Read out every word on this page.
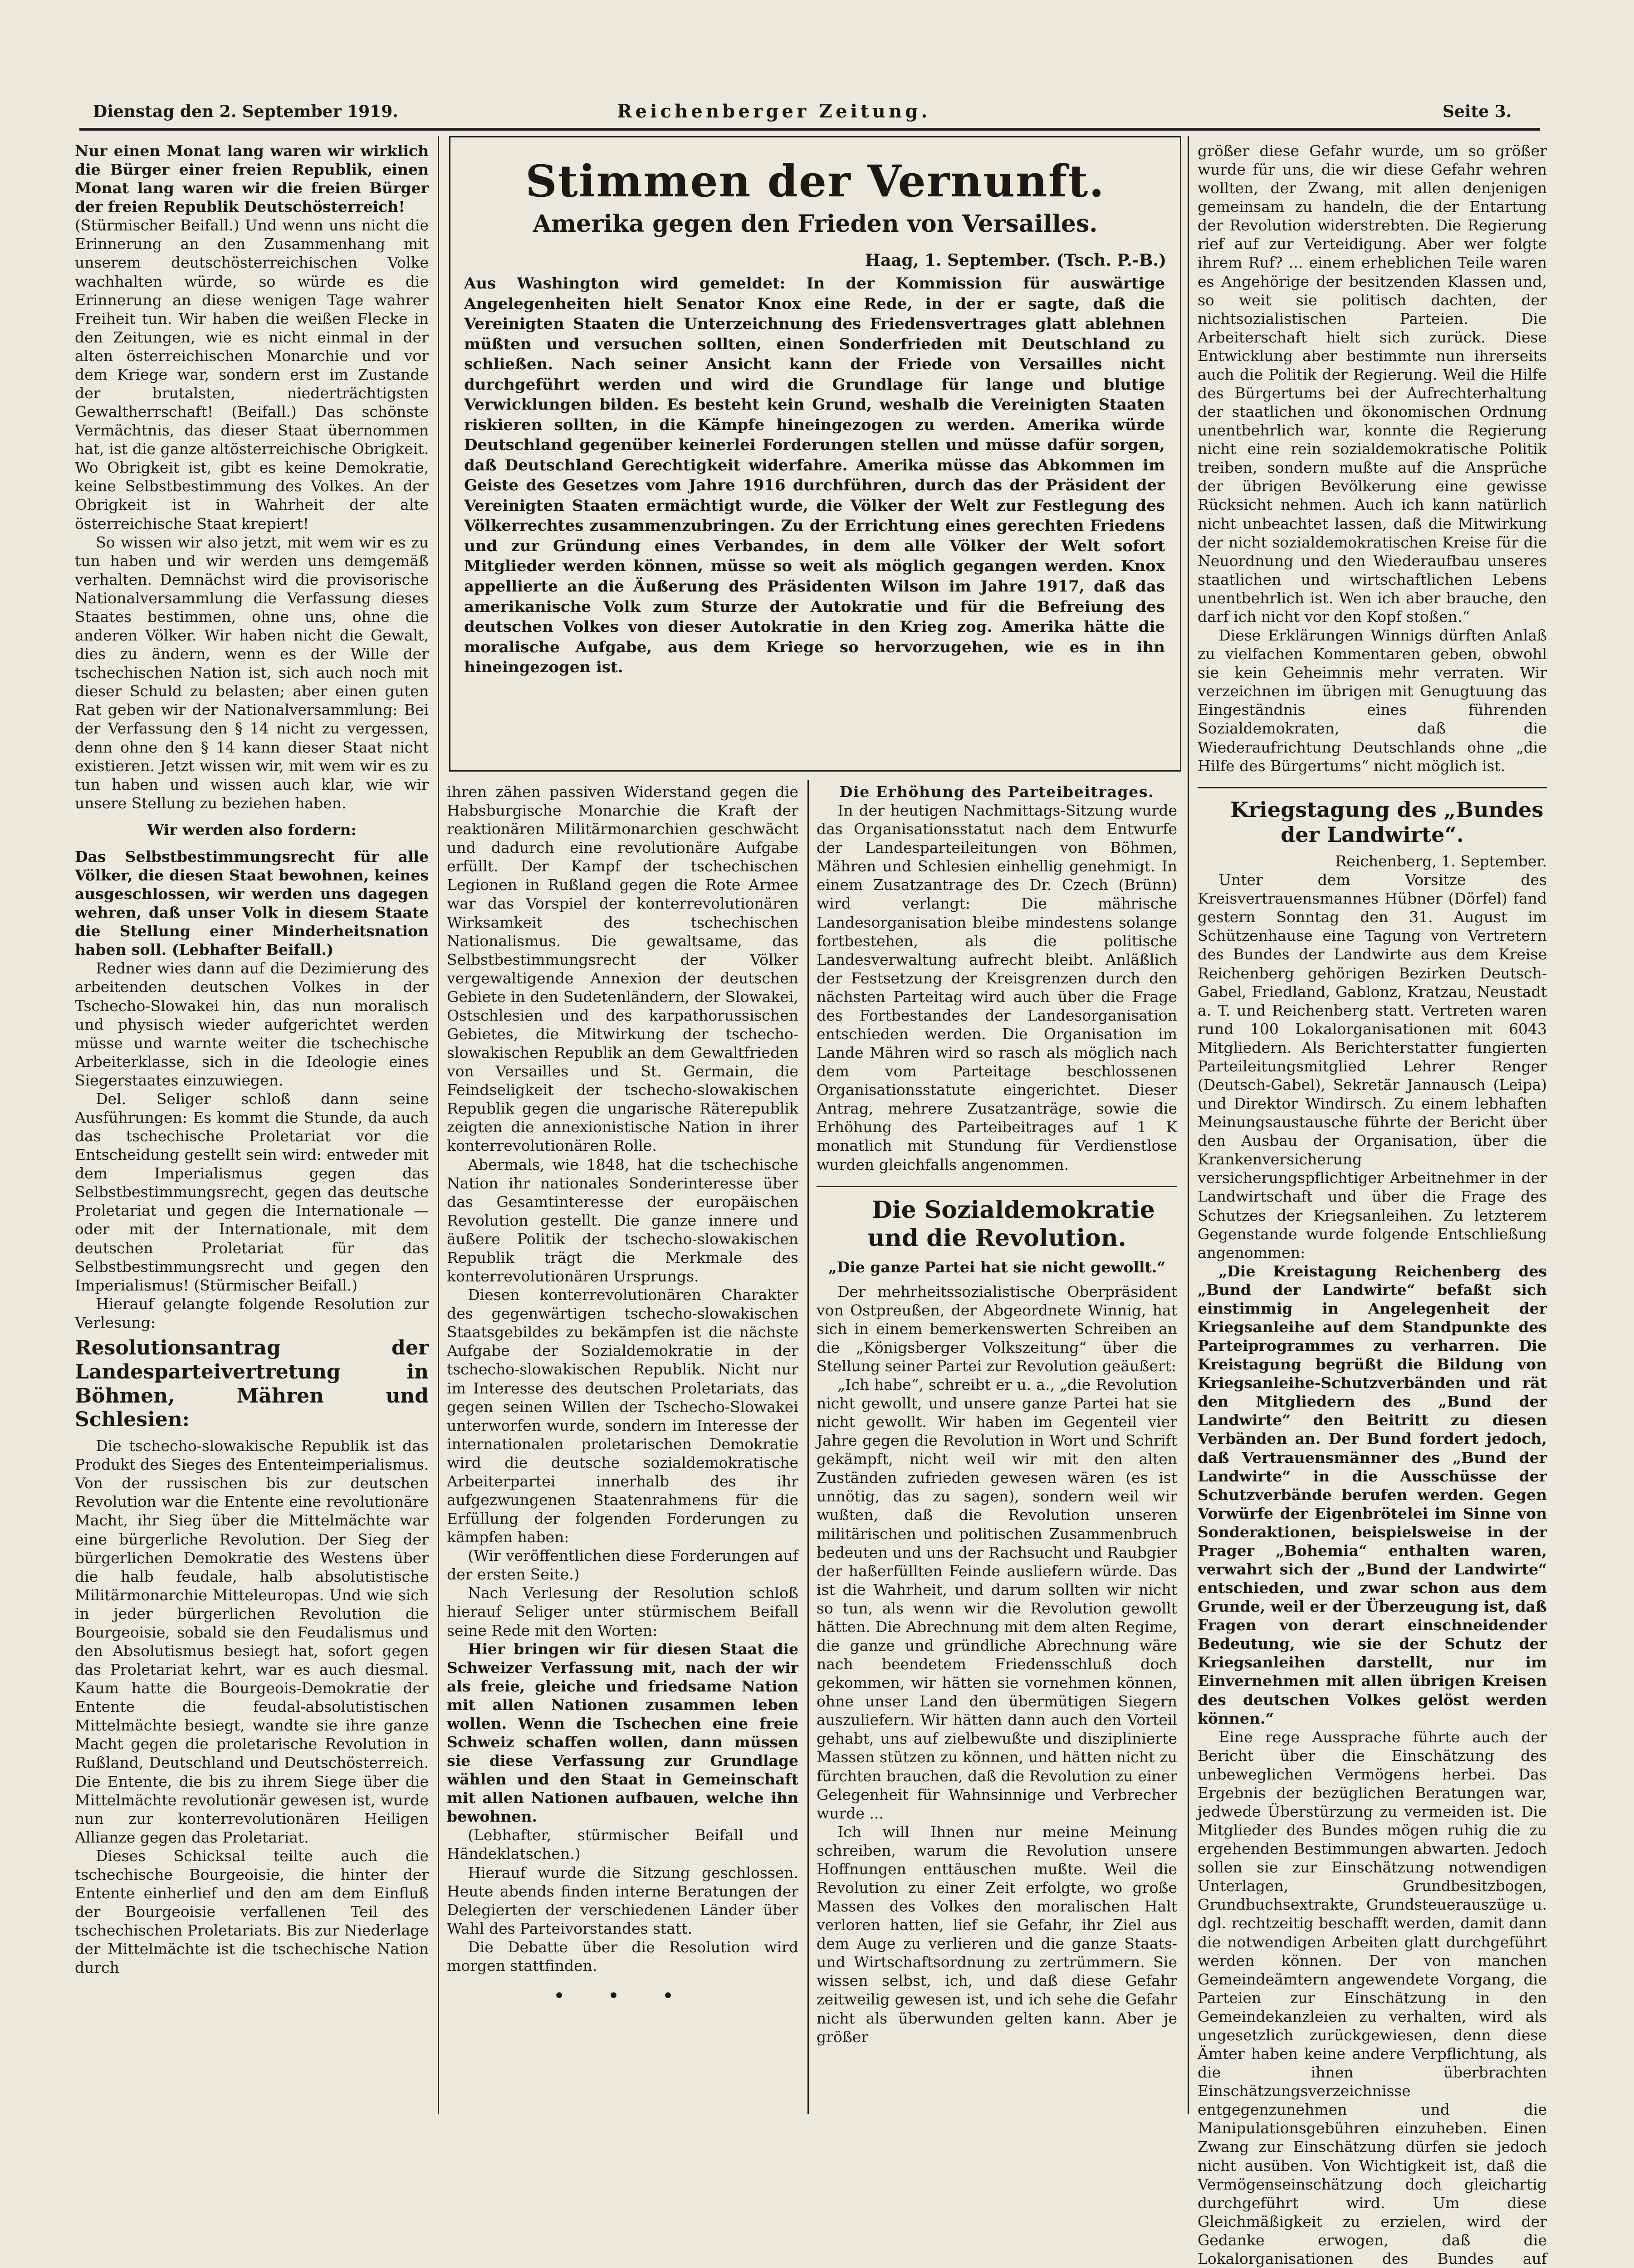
Dienstag den 2. September 1919.	Reichenberger Zeitung.	Seite 3.

Nur einen Monat lang waren wir wirklich die Bürger einer freien Republik, einen Monat lang waren wir die freien Bürger der freien Republik Deutschösterreich!

(Stürmischer Beifall.) Und wenn uns nicht die Erinnerung an den Zusammenhang mit unserem deutschösterreichischen Volke wachhalten würde, so würde es die Erinnerung an diese wenigen Tage wahrer Freiheit tun. Wir haben die weißen Flecke in den Zeitungen, wie es nicht einmal in der alten österreichischen Monarchie und vor dem Kriege war, sondern erst im Zustande der brutalsten, niederträchtigsten Gewaltherrschaft! (Beifall.) Das schönste Vermächtnis, das dieser Staat übernommen hat, ist die ganze altösterreichische Obrigkeit. Wo Obrigkeit ist, gibt es keine Demokratie, keine Selbstbestimmung des Volkes. An der Obrigkeit ist in Wahrheit der alte österreichische Staat krepiert!

So wissen wir also jetzt, mit wem wir es zu tun haben und wir werden uns demgemäß verhalten. Demnächst wird die provisorische Nationalversammlung die Verfassung dieses Staates bestimmen, ohne uns, ohne die anderen Völker. Wir haben nicht die Gewalt, dies zu ändern, wenn es der Wille der tschechischen Nation ist, sich auch noch mit dieser Schuld zu belasten; aber einen guten Rat geben wir der Nationalversammlung: Bei der Verfassung den § 14 nicht zu vergessen, denn ohne den § 14 kann dieser Staat nicht existieren. Jetzt wissen wir, mit wem wir es zu tun haben und wissen auch klar, wie wir unsere Stellung zu beziehen haben.

Wir werden also fordern:

Das Selbstbestimmungsrecht für alle Völker, die diesen Staat bewohnen, keines ausgeschlossen, wir werden uns dagegen wehren, daß unser Volk in diesem Staate die Stellung einer Minderheitsnation haben soll. (Lebhafter Beifall.)

Redner wies dann auf die Dezimierung des arbeitenden deutschen Volkes in der Tschecho-Slowakei hin, das nun moralisch und physisch wieder aufgerichtet werden müsse und warnte weiter die tschechische Arbeiterklasse, sich in die Ideologie eines Siegerstaates einzuwiegen.

Del. Seliger schloß dann seine Ausführungen: Es kommt die Stunde, da auch das tschechische Proletariat vor die Entscheidung gestellt sein wird: entweder mit dem Imperialismus gegen das Selbstbestimmungsrecht, gegen das deutsche Proletariat und gegen die Internationale — oder mit der Internationale, mit dem deutschen Proletariat für das Selbstbestimmungsrecht und gegen den Imperialismus! (Stürmischer Beifall.)

Hierauf gelangte folgende Resolution zur Verlesung:

Resolutionsantrag der Landesparteivertretung in Böhmen, Mähren und Schlesien:

Die tschecho-slowakische Republik ist das Produkt des Sieges des Ententeimperialismus. Von der russischen bis zur deutschen Revolution war die Entente eine revolutionäre Macht, ihr Sieg über die Mittelmächte war eine bürgerliche Revolution. Der Sieg der bürgerlichen Demokratie des Westens über die halb feudale, halb absolutistische Militärmonarchie Mitteleuropas. Und wie sich in jeder bürgerlichen Revolution die Bourgeoisie, sobald sie den Feudalismus und den Absolutismus besiegt hat, sofort gegen das Proletariat kehrt, war es auch diesmal. Kaum hatte die Bourgeois-Demokratie der Entente die feudal-absolutistischen Mittelmächte besiegt, wandte sie ihre ganze Macht gegen die proletarische Revolution in Rußland, Deutschland und Deutschösterreich. Die Entente, die bis zu ihrem Siege über die Mittelmächte revolutionär gewesen ist, wurde nun zur konterrevolutionären Heiligen Allianze gegen das Proletariat.

Dieses Schicksal teilte auch die tschechische Bourgeoisie, die hinter der Entente einherlief und den am dem Einfluß der Bourgeoisie verfallenen Teil des tschechischen Proletariats. Bis zur Niederlage der Mittelmächte ist die tschechische Nation durch

Stimmen der Vernunft.
Amerika gegen den Frieden von Versailles.
Haag, 1. September. (Tsch. P.-B.)
Aus Washington wird gemeldet: In der Kommission für auswärtige Angelegenheiten hielt Senator Knox eine Rede, in der er sagte, daß die Vereinigten Staaten die Unterzeichnung des Friedensvertrages glatt ablehnen müßten und versuchen sollten, einen Sonderfrieden mit Deutschland zu schließen. Nach seiner Ansicht kann der Friede von Versailles nicht durchgeführt werden und wird die Grundlage für lange und blutige Verwicklungen bilden. Es besteht kein Grund, weshalb die Vereinigten Staaten riskieren sollten, in die Kämpfe hineingezogen zu werden. Amerika würde Deutschland gegenüber keinerlei Forderungen stellen und müsse dafür sorgen, daß Deutschland Gerechtigkeit widerfahre. Amerika müsse das Abkommen im Geiste des Gesetzes vom Jahre 1916 durchführen, durch das der Präsident der Vereinigten Staaten ermächtigt wurde, die Völker der Welt zur Festlegung des Völkerrechtes zusammenzubringen. Zu der Errichtung eines gerechten Friedens und zur Gründung eines Verbandes, in dem alle Völker der Welt sofort Mitglieder werden können, müsse so weit als möglich gegangen werden. Knox appellierte an die Äußerung des Präsidenten Wilson im Jahre 1917, daß das amerikanische Volk zum Sturze der Autokratie und für die Befreiung des deutschen Volkes von dieser Autokratie in den Krieg zog. Amerika hätte die moralische Aufgabe, aus dem Kriege so hervorzugehen, wie es in ihn hineingezogen ist.

ihren zähen passiven Widerstand gegen die Habsburgische Monarchie die Kraft der reaktionären Militärmonarchien geschwächt und dadurch eine revolutionäre Aufgabe erfüllt. Der Kampf der tschechischen Legionen in Rußland gegen die Rote Armee war das Vorspiel der konterrevolutionären Wirksamkeit des tschechischen Nationalismus. Die gewaltsame, das Selbstbestimmungsrecht der Völker vergewaltigende Annexion der deutschen Gebiete in den Sudetenländern, der Slowakei, Ostschlesien und des karpathorussischen Gebietes, die Mitwirkung der tschecho-slowakischen Republik an dem Gewaltfrieden von Versailles und St. Germain, die Feindseligkeit der tschecho-slowakischen Republik gegen die ungarische Räterepublik zeigten die annexionistische Nation in ihrer konterrevolutionären Rolle.

Abermals, wie 1848, hat die tschechische Nation ihr nationales Sonderinteresse über das Gesamtinteresse der europäischen Revolution gestellt. Die ganze innere und äußere Politik der tschecho-slowakischen Republik trägt die Merkmale des konterrevolutionären Ursprungs.

Diesen konterrevolutionären Charakter des gegenwärtigen tschecho-slowakischen Staatsgebildes zu bekämpfen ist die nächste Aufgabe der Sozialdemokratie in der tschecho-slowakischen Republik. Nicht nur im Interesse des deutschen Proletariats, das gegen seinen Willen der Tschecho-Slowakei unterworfen wurde, sondern im Interesse der internationalen proletarischen Demokratie wird die deutsche sozialdemokratische Arbeiterpartei innerhalb des ihr aufgezwungenen Staatenrahmens für die Erfüllung der folgenden Forderungen zu kämpfen haben:

(Wir veröffentlichen diese Forderungen auf der ersten Seite.)

Nach Verlesung der Resolution schloß hierauf Seliger unter stürmischem Beifall seine Rede mit den Worten:

Hier bringen wir für diesen Staat die Schweizer Verfassung mit, nach der wir als freie, gleiche und friedsame Nation mit allen Nationen zusammen leben wollen. Wenn die Tschechen eine freie Schweiz schaffen wollen, dann müssen sie diese Verfassung zur Grundlage wählen und den Staat in Gemeinschaft mit allen Nationen aufbauen, welche ihn bewohnen.

(Lebhafter, stürmischer Beifall und Händeklatschen.)

Hierauf wurde die Sitzung geschlossen. Heute abends finden interne Beratungen der Delegierten der verschiedenen Länder über Wahl des Parteivorstandes statt.

Die Debatte über die Resolution wird morgen stattfinden.

• • •

Die Erhöhung des Parteibeitrages.

In der heutigen Nachmittags-Sitzung wurde das Organisationsstatut nach dem Entwurfe der Landesparteileitungen von Böhmen, Mähren und Schlesien einhellig genehmigt. In einem Zusatzantrage des Dr. Czech (Brünn) wird verlangt: Die mährische Landesorganisation bleibe mindestens solange fortbestehen, als die politische Landesverwaltung aufrecht bleibt. Anläßlich der Festsetzung der Kreisgrenzen durch den nächsten Parteitag wird auch über die Frage des Fortbestandes der Landesorganisation entschieden werden. Die Organisation im Lande Mähren wird so rasch als möglich nach dem vom Parteitage beschlossenen Organisationsstatute eingerichtet. Dieser Antrag, mehrere Zusatzanträge, sowie die Erhöhung des Parteibeitrages auf 1 K monatlich mit Stundung für Verdienstlose wurden gleichfalls angenommen.

Die Sozialdemokratie und die Revolution.

„Die ganze Partei hat sie nicht gewollt.“

Der mehrheitssozialistische Oberpräsident von Ostpreußen, der Abgeordnete Winnig, hat sich in einem bemerkenswerten Schreiben an die „Königsberger Volkszeitung“ über die Stellung seiner Partei zur Revolution geäußert:

„Ich habe“, schreibt er u. a., „die Revolution nicht gewollt, und unsere ganze Partei hat sie nicht gewollt. Wir haben im Gegenteil vier Jahre gegen die Revolution in Wort und Schrift gekämpft, nicht weil wir mit den alten Zuständen zufrieden gewesen wären (es ist unnötig, das zu sagen), sondern weil wir wußten, daß die Revolution unseren militärischen und politischen Zusammenbruch bedeuten und uns der Rachsucht und Raubgier der haßerfüllten Feinde ausliefern würde. Das ist die Wahrheit, und darum sollten wir nicht so tun, als wenn wir die Revolution gewollt hätten. Die Abrechnung mit dem alten Regime, die ganze und gründliche Abrechnung wäre nach beendetem Friedensschluß doch gekommen, wir hätten sie vornehmen können, ohne unser Land den übermütigen Siegern auszuliefern. Wir hätten dann auch den Vorteil gehabt, uns auf zielbewußte und disziplinierte Massen stützen zu können, und hätten nicht zu fürchten brauchen, daß die Revolution zu einer Gelegenheit für Wahnsinnige und Verbrecher wurde ...

Ich will Ihnen nur meine Meinung schreiben, warum die Revolution unsere Hoffnungen enttäuschen mußte. Weil die Revolution zu einer Zeit erfolgte, wo große Massen des Volkes den moralischen Halt verloren hatten, lief sie Gefahr, ihr Ziel aus dem Auge zu verlieren und die ganze Staats- und Wirtschaftsordnung zu zertrümmern. Sie wissen selbst, ich, und daß diese Gefahr zeitweilig gewesen ist, und ich sehe die Gefahr nicht als überwunden gelten kann. Aber je größer

größer diese Gefahr wurde, um so größer wurde für uns, die wir diese Gefahr wehren wollten, der Zwang, mit allen denjenigen gemeinsam zu handeln, die der Entartung der Revolution widerstrebten. Die Regierung rief auf zur Verteidigung. Aber wer folgte ihrem Ruf? ... einem erheblichen Teile waren es Angehörige der besitzenden Klassen und, so weit sie politisch dachten, der nichtsozialistischen Parteien. Die Arbeiterschaft hielt sich zurück. Diese Entwicklung aber bestimmte nun ihrerseits auch die Politik der Regierung. Weil die Hilfe des Bürgertums bei der Aufrechterhaltung der staatlichen und ökonomischen Ordnung unentbehrlich war, konnte die Regierung nicht eine rein sozialdemokratische Politik treiben, sondern mußte auf die Ansprüche der übrigen Bevölkerung eine gewisse Rücksicht nehmen. Auch ich kann natürlich nicht unbeachtet lassen, daß die Mitwirkung der nicht sozialdemokratischen Kreise für die Neuordnung und den Wiederaufbau unseres staatlichen und wirtschaftlichen Lebens unentbehrlich ist. Wen ich aber brauche, den darf ich nicht vor den Kopf stoßen.“

Diese Erklärungen Winnigs dürften Anlaß zu vielfachen Kommentaren geben, obwohl sie kein Geheimnis mehr verraten. Wir verzeichnen im übrigen mit Genugtuung das Eingeständnis eines führenden Sozialdemokraten, daß die Wiederaufrichtung Deutschlands ohne „die Hilfe des Bürgertums“ nicht möglich ist.

Kriegstagung des „Bundes der Landwirte“.

Reichenberg, 1. September.

Unter dem Vorsitze des Kreisvertrauensmannes Hübner (Dörfel) fand gestern Sonntag den 31. August im Schützenhause eine Tagung von Vertretern des Bundes der Landwirte aus dem Kreise Reichenberg gehörigen Bezirken Deutsch-Gabel, Friedland, Gablonz, Kratzau, Neustadt a. T. und Reichenberg statt. Vertreten waren rund 100 Lokalorganisationen mit 6043 Mitgliedern. Als Berichterstatter fungierten Parteileitungsmitglied Lehrer Renger (Deutsch-Gabel), Sekretär Jannausch (Leipa) und Direktor Windirsch. Zu einem lebhaften Meinungsaustausche führte der Bericht über den Ausbau der Organisation, über die Krankenversicherung versicherungspflichtiger Arbeitnehmer in der Landwirtschaft und über die Frage des Schutzes der Kriegsanleihen. Zu letzterem Gegenstande wurde folgende Entschließung angenommen:

„Die Kreistagung Reichenberg des „Bund der Landwirte“ befaßt sich einstimmig in Angelegenheit der Kriegsanleihe auf dem Standpunkte des Parteiprogrammes zu verharren. Die Kreistagung begrüßt die Bildung von Kriegsanleihe-Schutzverbänden und rät den Mitgliedern des „Bund der Landwirte“ den Beitritt zu diesen Verbänden an. Der Bund fordert jedoch, daß Vertrauensmänner des „Bund der Landwirte“ in die Ausschüsse der Schutzverbände berufen werden. Gegen Vorwürfe der Eigenbrötelei im Sinne von Sonderaktionen, beispielsweise in der Prager „Bohemia“ enthalten waren, verwahrt sich der „Bund der Landwirte“ entschieden, und zwar schon aus dem Grunde, weil er der Überzeugung ist, daß Fragen von derart einschneidender Bedeutung, wie sie der Schutz der Kriegsanleihen darstellt, nur im Einvernehmen mit allen übrigen Kreisen des deutschen Volkes gelöst werden können.“

Eine rege Aussprache führte auch der Bericht über die Einschätzung des unbeweglichen Vermögens herbei. Das Ergebnis der bezüglichen Beratungen war, jedwede Überstürzung zu vermeiden ist. Die Mitglieder des Bundes mögen ruhig die zu ergehenden Bestimmungen abwarten. Jedoch sollen sie zur Einschätzung notwendigen Unterlagen, Grundbesitzbogen, Grundbuchsextrakte, Grundsteuerauszüge u. dgl. rechtzeitig beschafft werden, damit dann die notwendigen Arbeiten glatt durchgeführt werden können. Der von manchen Gemeindeämtern angewendete Vorgang, die Parteien zur Einschätzung in den Gemeindekanzleien zu verhalten, wird als ungesetzlich zurückgewiesen, denn diese Ämter haben keine andere Verpflichtung, als die ihnen überbrachten Einschätzungsverzeichnisse entgegenzunehmen und die Manipulationsgebühren einzuheben. Einen Zwang zur Einschätzung dürfen sie jedoch nicht ausüben. Von Wichtigkeit ist, daß die Vermögenseinschätzung doch gleichartig durchgeführt wird. Um diese Gleichmäßigkeit zu erzielen, wird der Gedanke erwogen, daß die Lokalorganisationen des Bundes auf
